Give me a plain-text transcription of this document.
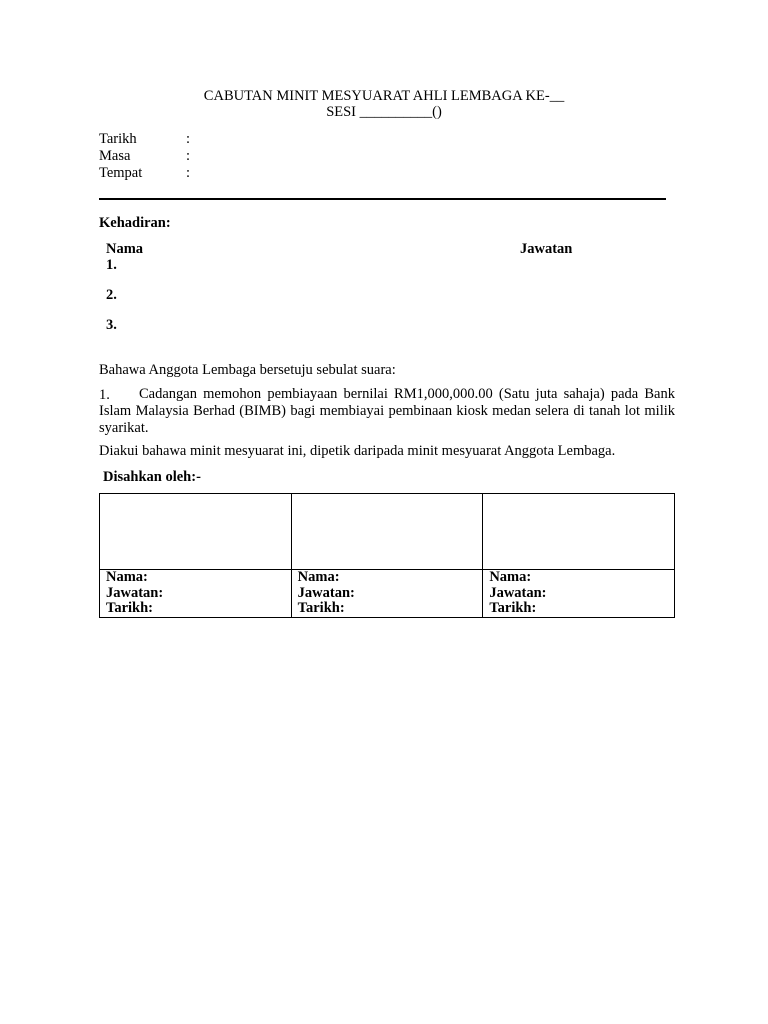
CABUTAN MINIT MESYUARAT AHLI LEMBAGA KE-__
SESI __________()
Tarikh	:
Masa	:
Tempat	:
Kehadiran:
Nama	Jawatan
1.
2.
3.
Bahawa Anggota Lembaga bersetuju sebulat suara:
1.	Cadangan memohon pembiayaan bernilai RM1,000,000.00 (Satu juta sahaja) pada Bank Islam Malaysia Berhad (BIMB) bagi membiayai pembinaan kiosk medan selera di tanah lot milik syarikat.
Diakui bahawa minit mesyuarat ini, dipetik daripada minit mesyuarat Anggota Lembaga.
Disahkan oleh:-

Nama:
Jawatan:
Tarikh:	Nama:
Jawatan:
Tarikh:	Nama:
Jawatan:
Tarikh:
